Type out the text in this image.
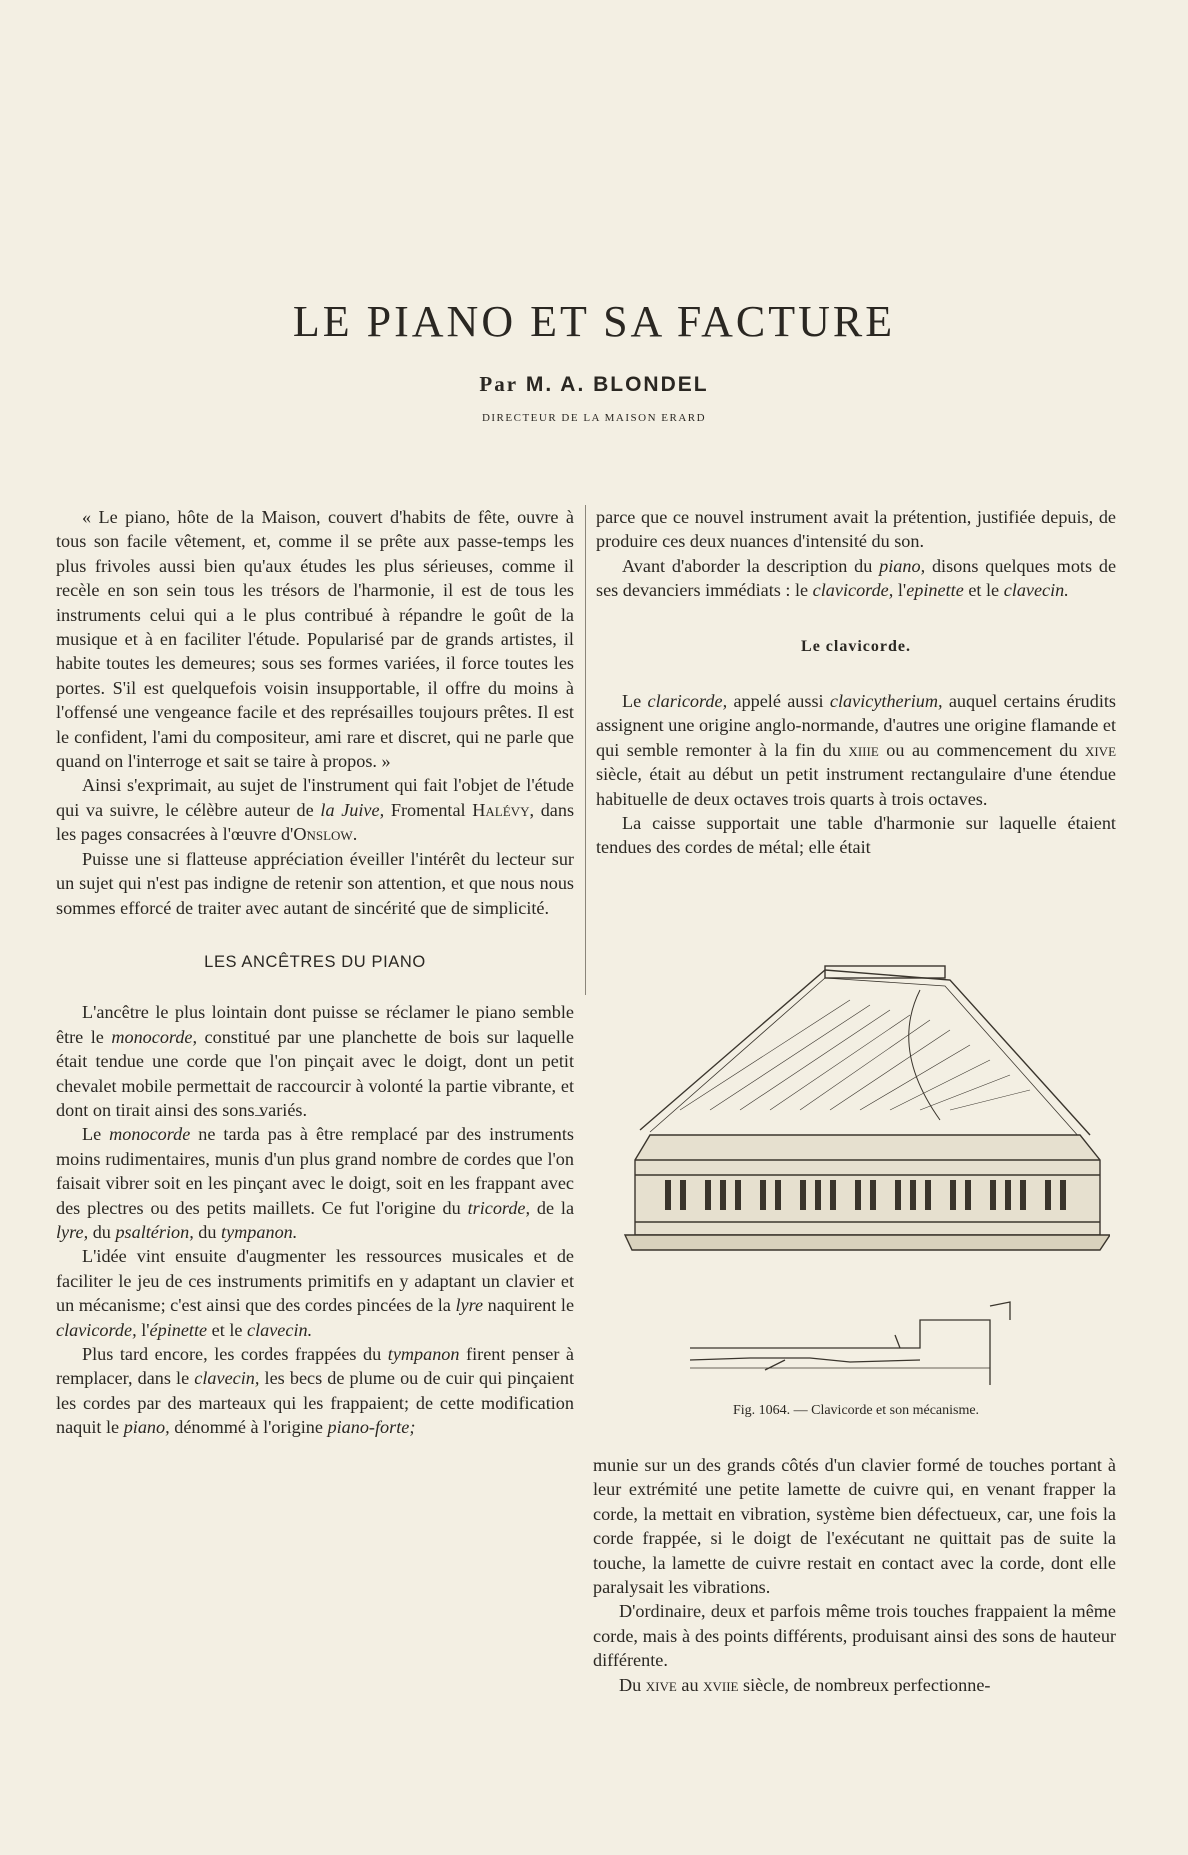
LE PIANO ET SA FACTURE
Par M. A. BLONDEL
DIRECTEUR DE LA MAISON ERARD

« Le piano, hôte de la Maison, couvert d'habits de fête, ouvre à tous son facile vêtement, et, comme il se prête aux passe-temps les plus frivoles aussi bien qu'aux études les plus sérieuses, comme il recèle en son sein tous les trésors de l'harmonie, il est de tous les instruments celui qui a le plus contribué à répandre le goût de la musique et à en faciliter l'étude. Popularisé par de grands artistes, il habite toutes les demeures; sous ses formes variées, il force toutes les portes. S'il est quelquefois voisin insupportable, il offre du moins à l'offensé une vengeance facile et des représailles toujours prêtes. Il est le confident, l'ami du compositeur, ami rare et discret, qui ne parle que quand on l'interroge et sait se taire à propos. »

Ainsi s'exprimait, au sujet de l'instrument qui fait l'objet de l'étude qui va suivre, le célèbre auteur de la Juive, Fromental Halévy, dans les pages consacrées à l'œuvre d'Onslow.

Puisse une si flatteuse appréciation éveiller l'intérêt du lecteur sur un sujet qui n'est pas indigne de retenir son attention, et que nous nous sommes efforcé de traiter avec autant de sincérité que de simplicité.

LES ANCÊTRES DU PIANO

L'ancêtre le plus lointain dont puisse se réclamer le piano semble être le monocorde, constitué par une planchette de bois sur laquelle était tendue une corde que l'on pinçait avec le doigt, dont un petit chevalet mobile permettait de raccourcir à volonté la partie vibrante, et dont on tirait ainsi des sons variés.

Le monocorde ne tarda pas à être remplacé par des instruments moins rudimentaires, munis d'un plus grand nombre de cordes que l'on faisait vibrer soit en les pinçant avec le doigt, soit en les frappant avec des plectres ou des petits maillets. Ce fut l'origine du tricorde, de la lyre, du psaltérion, du tympanon.

L'idée vint ensuite d'augmenter les ressources musicales et de faciliter le jeu de ces instruments primitifs en y adaptant un clavier et un mécanisme; c'est ainsi que des cordes pincées de la lyre naquirent le clavicorde, l'épinette et le clavecin.

Plus tard encore, les cordes frappées du tympanon firent penser à remplacer, dans le clavecin, les becs de plume ou de cuir qui pinçaient les cordes par des marteaux qui les frappaient; de cette modification naquit le piano, dénommé à l'origine piano-forte;

parce que ce nouvel instrument avait la prétention, justifiée depuis, de produire ces deux nuances d'intensité du son.

Avant d'aborder la description du piano, disons quelques mots de ses devanciers immédiats : le clavicorde, l'epinette et le clavecin.

Le clavicorde.

Le claricorde, appelé aussi clavicytherium, auquel certains érudits assignent une origine anglo-normande, d'autres une origine flamande et qui semble remonter à la fin du xiiie ou au commencement du xive siècle, était au début un petit instrument rectangulaire d'une étendue habituelle de deux octaves trois quarts à trois octaves.

La caisse supportait une table d'harmonie sur laquelle étaient tendues des cordes de métal; elle était

Fig. 1064. — Clavicorde et son mécanisme.

munie sur un des grands côtés d'un clavier formé de touches portant à leur extrémité une petite lamette de cuivre qui, en venant frapper la corde, la mettait en vibration, système bien défectueux, car, une fois la corde frappée, si le doigt de l'exécutant ne quittait pas de suite la touche, la lamette de cuivre restait en contact avec la corde, dont elle paralysait les vibrations.

D'ordinaire, deux et parfois même trois touches frappaient la même corde, mais à des points différents, produisant ainsi des sons de hauteur différente.

Du xive au xviie siècle, de nombreux perfectionne-
